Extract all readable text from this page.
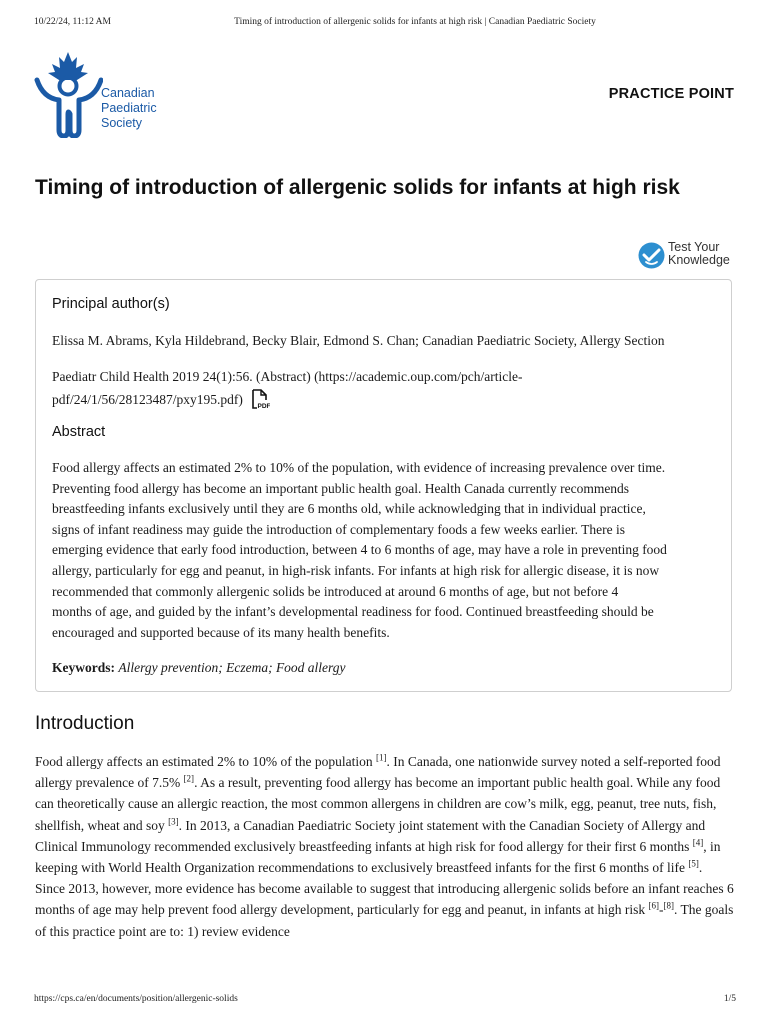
10/22/24, 11:12 AM	Timing of introduction of allergenic solids for infants at high risk | Canadian Paediatric Society
Canadian
Paediatric
Society
PRACTICE POINT
Timing of introduction of allergenic solids for infants at high risk
Test Your
Knowledge
Principal author(s)
Elissa M. Abrams, Kyla Hildebrand, Becky Blair, Edmond S. Chan; Canadian Paediatric Society, Allergy Section
Paediatr Child Health 2019 24(1):56. (Abstract) (https://academic.oup.com/pch/article-
pdf/24/1/56/28123487/pxy195.pdf) PDF
Abstract
Food allergy affects an estimated 2% to 10% of the population, with evidence of increasing prevalence over time.
Preventing food allergy has become an important public health goal. Health Canada currently recommends
breastfeeding infants exclusively until they are 6 months old, while acknowledging that in individual practice,
signs of infant readiness may guide the introduction of complementary foods a few weeks earlier. There is
emerging evidence that early food introduction, between 4 to 6 months of age, may have a role in preventing food
allergy, particularly for egg and peanut, in high-risk infants. For infants at high risk for allergic disease, it is now
recommended that commonly allergenic solids be introduced at around 6 months of age, but not before 4
months of age, and guided by the infant’s developmental readiness for food. Continued breastfeeding should be
encouraged and supported because of its many health benefits.
Keywords: Allergy prevention; Eczema; Food allergy
Introduction

Food allergy affects an estimated 2% to 10% of the population [1]. In Canada, one nationwide survey noted a self-reported food allergy prevalence of 7.5% [2]. As a result, preventing food allergy has become an important public health goal. While any food can theoretically cause an allergic reaction, the most common allergens in children are cow’s milk, egg, peanut, tree nuts, fish, shellfish, wheat and soy [3]. In 2013, a Canadian Paediatric Society joint statement with the Canadian Society of Allergy and Clinical Immunology recommended exclusively breastfeeding infants at high risk for food allergy for their first 6 months [4], in keeping with World Health Organization recommendations to exclusively breastfeed infants for the first 6 months of life [5]. Since 2013, however, more evidence has become available to suggest that introducing allergenic solids before an infant reaches 6 months of age may help prevent food allergy development, particularly for egg and peanut, in infants at high risk [6]-[8]. The goals of this practice point are to: 1) review evidence

https://cps.ca/en/documents/position/allergenic-solids	1/5
